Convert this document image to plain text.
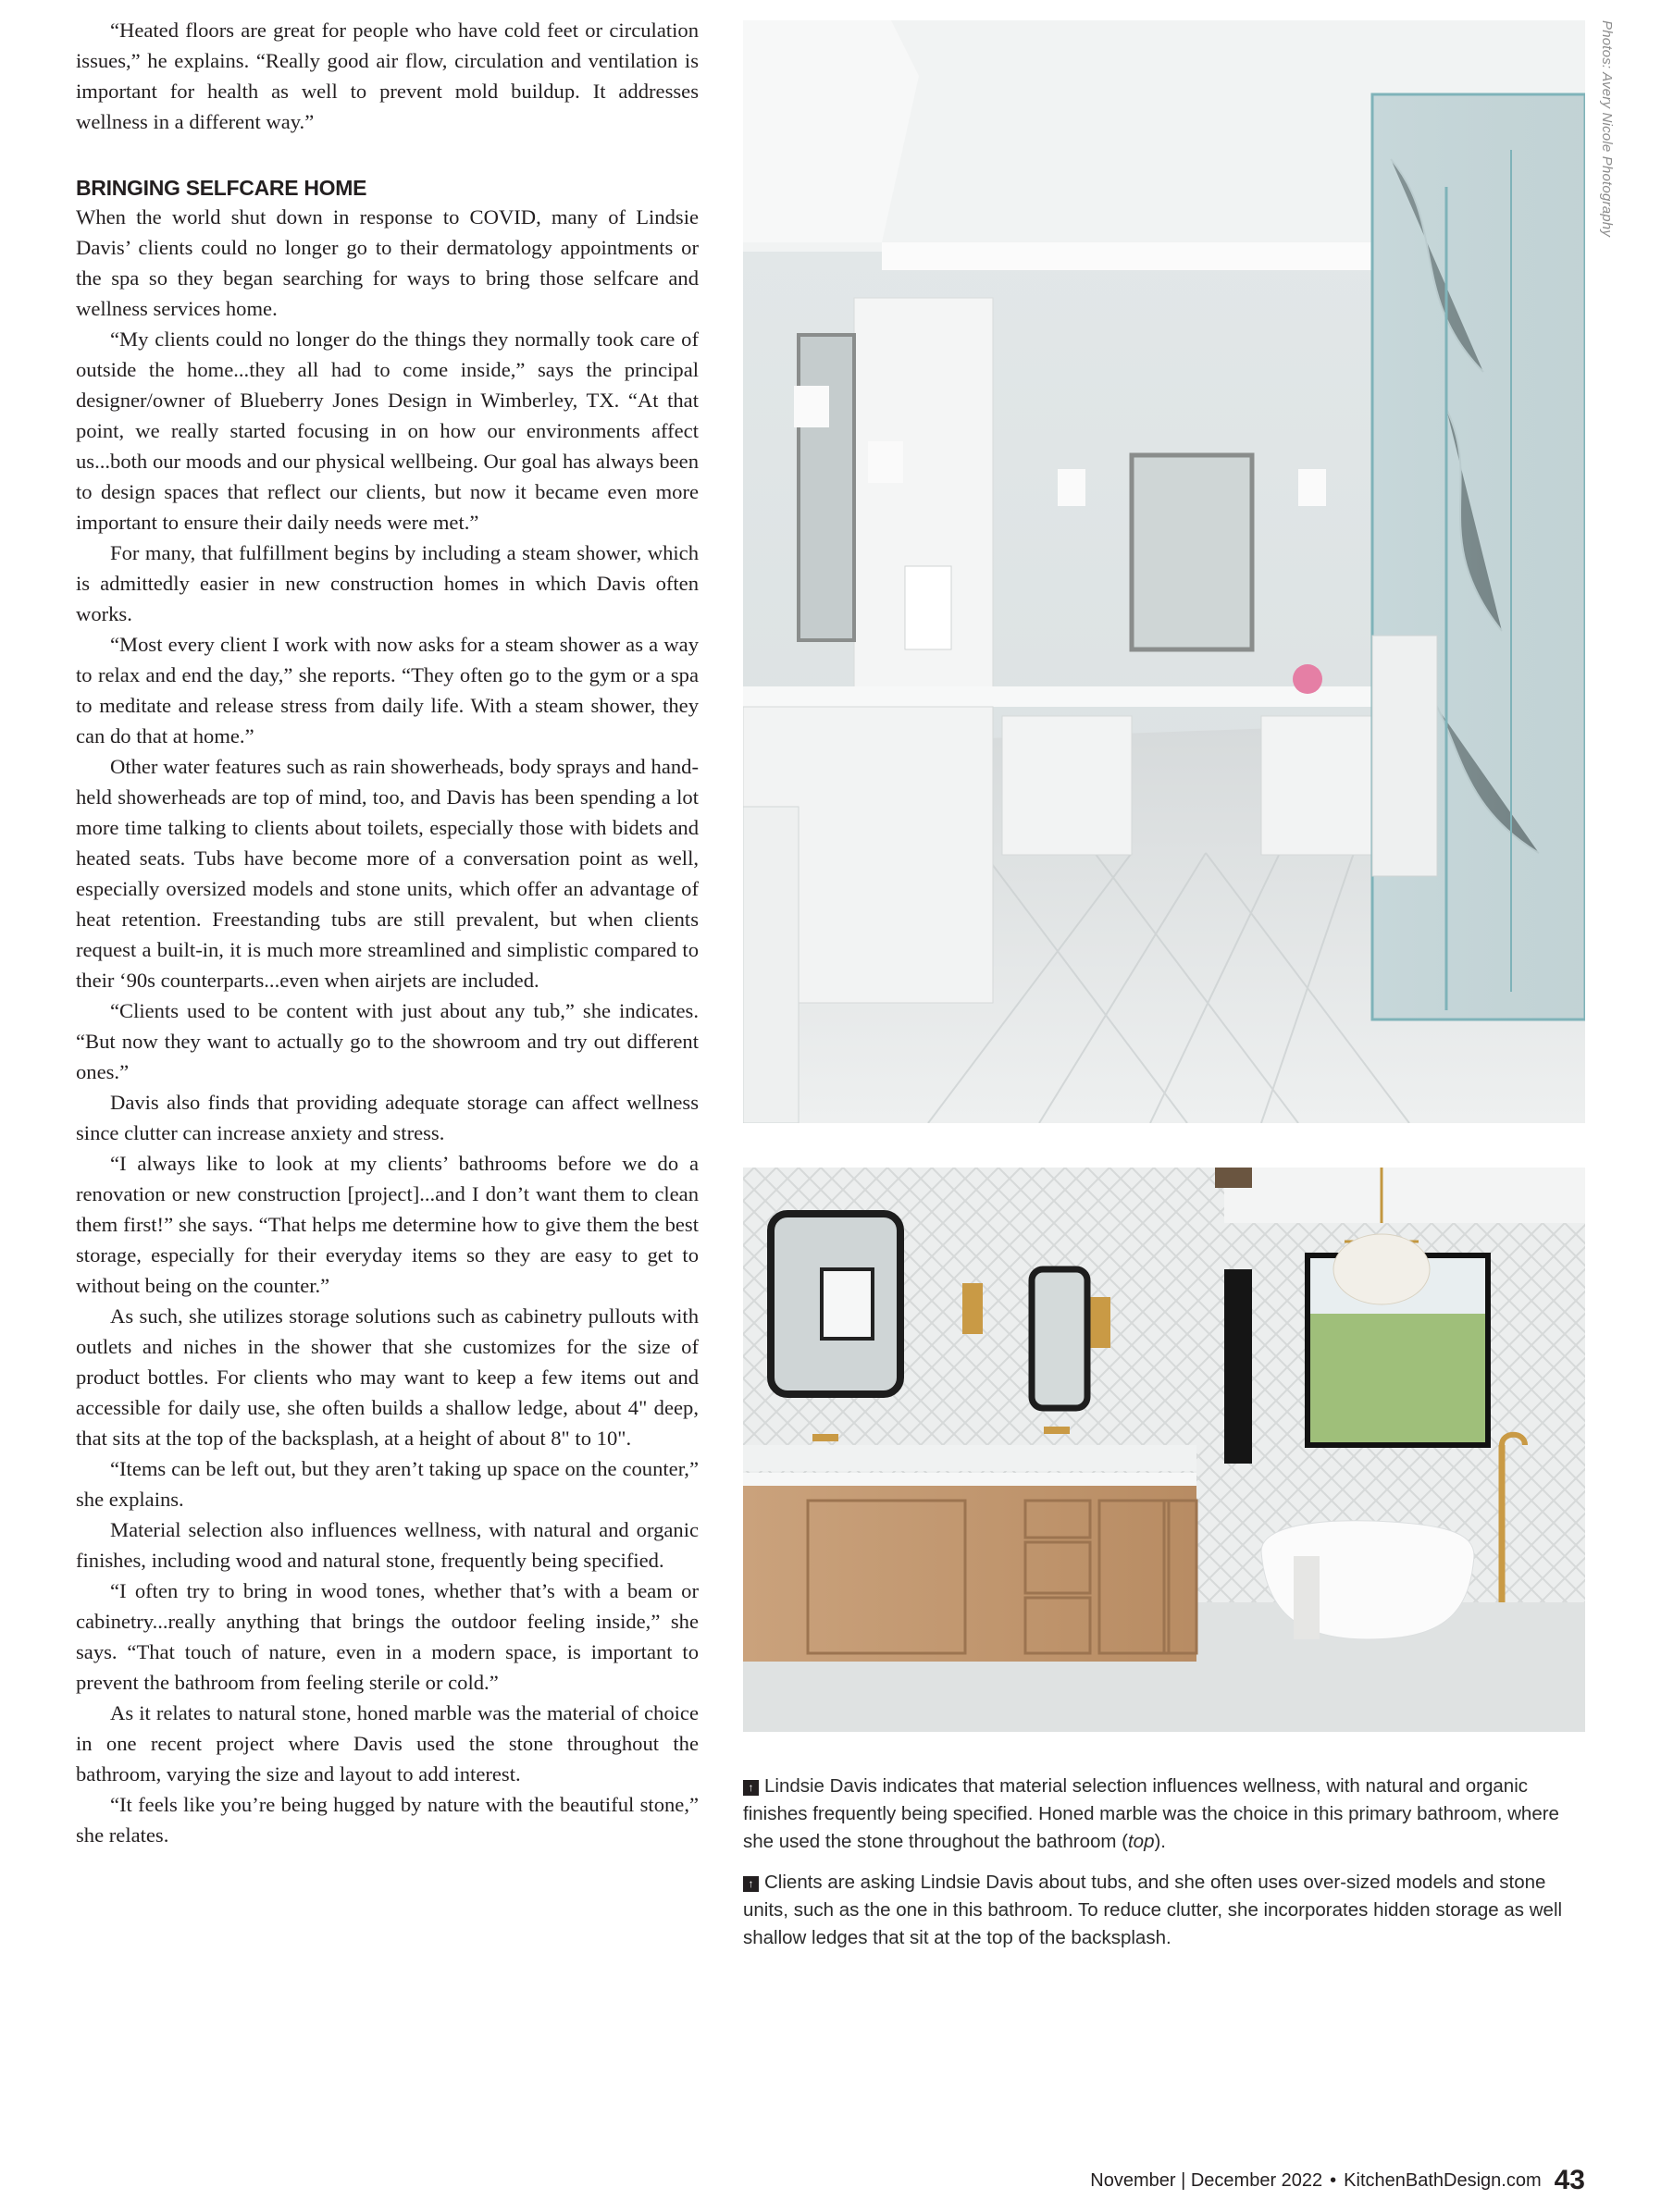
“Heated floors are great for people who have cold feet or circulation issues,” he explains. “Really good air flow, circulation and ventilation is important for health as well to prevent mold buildup. It addresses wellness in a different way.”

BRINGING SELFCARE HOME

When the world shut down in response to COVID, many of Lindsie Davis’ clients could no longer go to their dermatology appointments or the spa so they began searching for ways to bring those selfcare and wellness services home.

“My clients could no longer do the things they normally took care of outside the home...they all had to come inside,” says the principal designer/owner of Blueberry Jones Design in Wimberley, TX. “At that point, we really started focusing in on how our environments affect us...both our moods and our physical wellbeing. Our goal has always been to design spaces that reflect our clients, but now it became even more important to ensure their daily needs were met.”

For many, that fulfillment begins by including a steam shower, which is admittedly easier in new construction homes in which Davis often works.

“Most every client I work with now asks for a steam shower as a way to relax and end the day,” she reports. “They often go to the gym or a spa to meditate and release stress from daily life. With a steam shower, they can do that at home.”

Other water features such as rain showerheads, body sprays and hand-held showerheads are top of mind, too, and Davis has been spending a lot more time talking to clients about toilets, especially those with bidets and heated seats. Tubs have become more of a conversation point as well, especially oversized models and stone units, which offer an advantage of heat retention. Freestanding tubs are still prevalent, but when clients request a built-in, it is much more streamlined and simplistic compared to their ‘90s counterparts...even when airjets are included.

“Clients used to be content with just about any tub,” she indicates. “But now they want to actually go to the showroom and try out different ones.”

Davis also finds that providing adequate storage can affect wellness since clutter can increase anxiety and stress.

“I always like to look at my clients’ bathrooms before we do a renovation or new construction [project]...and I don’t want them to clean them first!” she says. “That helps me determine how to give them the best storage, especially for their everyday items so they are easy to get to without being on the counter.”

As such, she utilizes storage solutions such as cabinetry pullouts with outlets and niches in the shower that she customizes for the size of product bottles. For clients who may want to keep a few items out and accessible for daily use, she often builds a shallow ledge, about 4" deep, that sits at the top of the backsplash, at a height of about 8" to 10".

“Items can be left out, but they aren’t taking up space on the counter,” she explains.

Material selection also influences wellness, with natural and organic finishes, including wood and natural stone, frequently being specified.

“I often try to bring in wood tones, whether that’s with a beam or cabinetry...really anything that brings the outdoor feeling inside,” she says. “That touch of nature, even in a modern space, is important to prevent the bathroom from feeling sterile or cold.”

As it relates to natural stone, honed marble was the material of choice in one recent project where Davis used the stone throughout the bathroom, varying the size and layout to add interest.

“It feels like you’re being hugged by nature with the beautiful stone,” she relates.

Photos: Avery Nicole Photography

↑ Lindsie Davis indicates that material selection influences wellness, with natural and organic finishes frequently being specified. Honed marble was the choice in this primary bathroom, where she used the stone throughout the bathroom (top).

↑ Clients are asking Lindsie Davis about tubs, and she often uses over-sized models and stone units, such as the one in this bathroom. To reduce clutter, she incorporates hidden storage as well shallow ledges that sit at the top of the backsplash.

November | December 2022 • KitchenBathDesign.com 43
